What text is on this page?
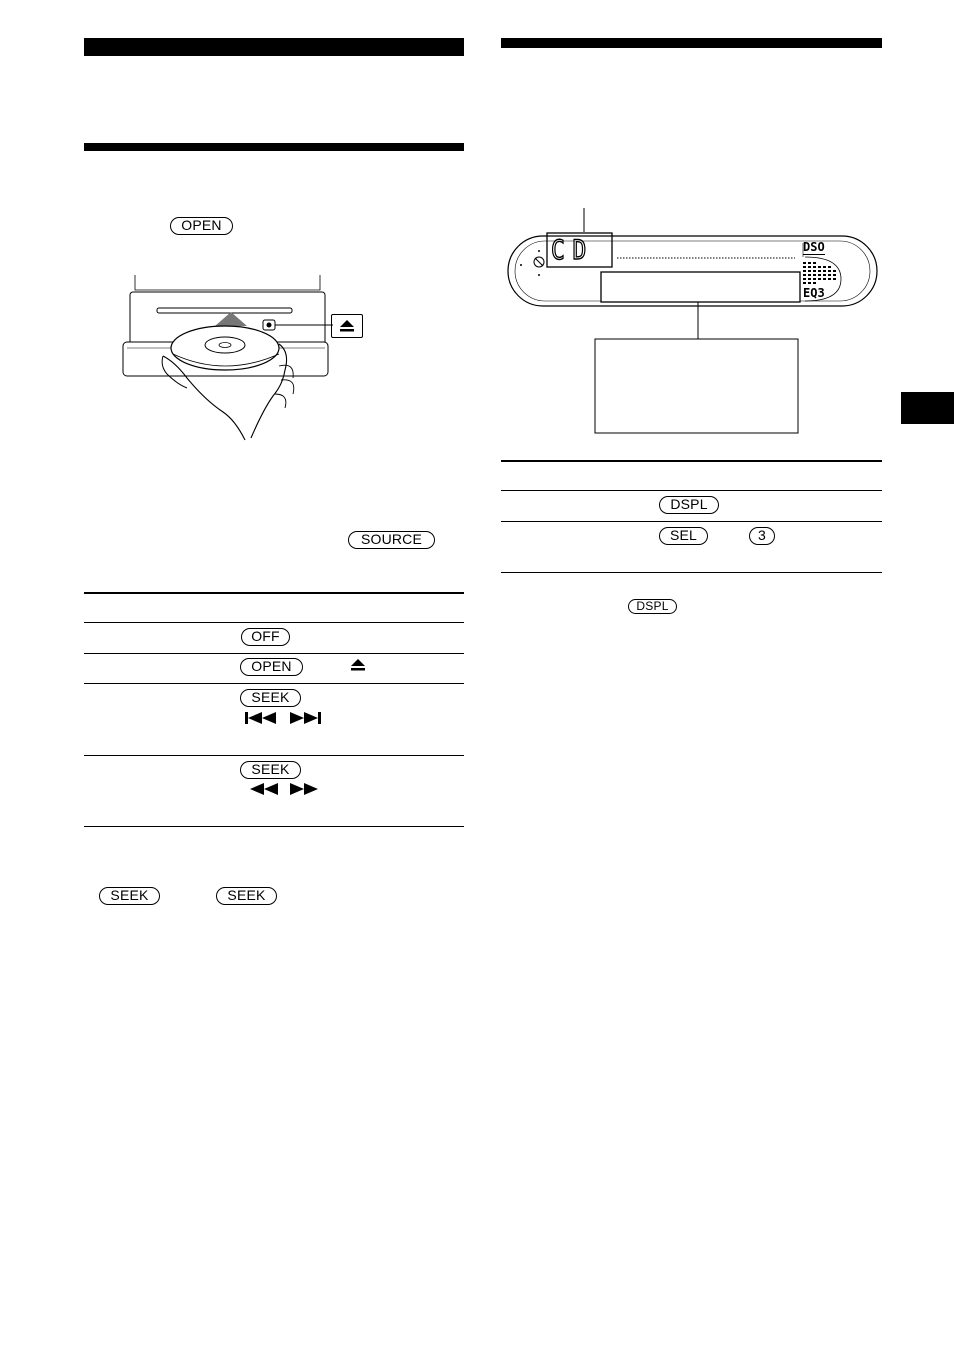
OPEN
SOURCE
OFF
OPEN
SEEK
SEEK
SEEK	SEEK
CD	DSO
EQ3
DSPL
SEL	3
DSPL
